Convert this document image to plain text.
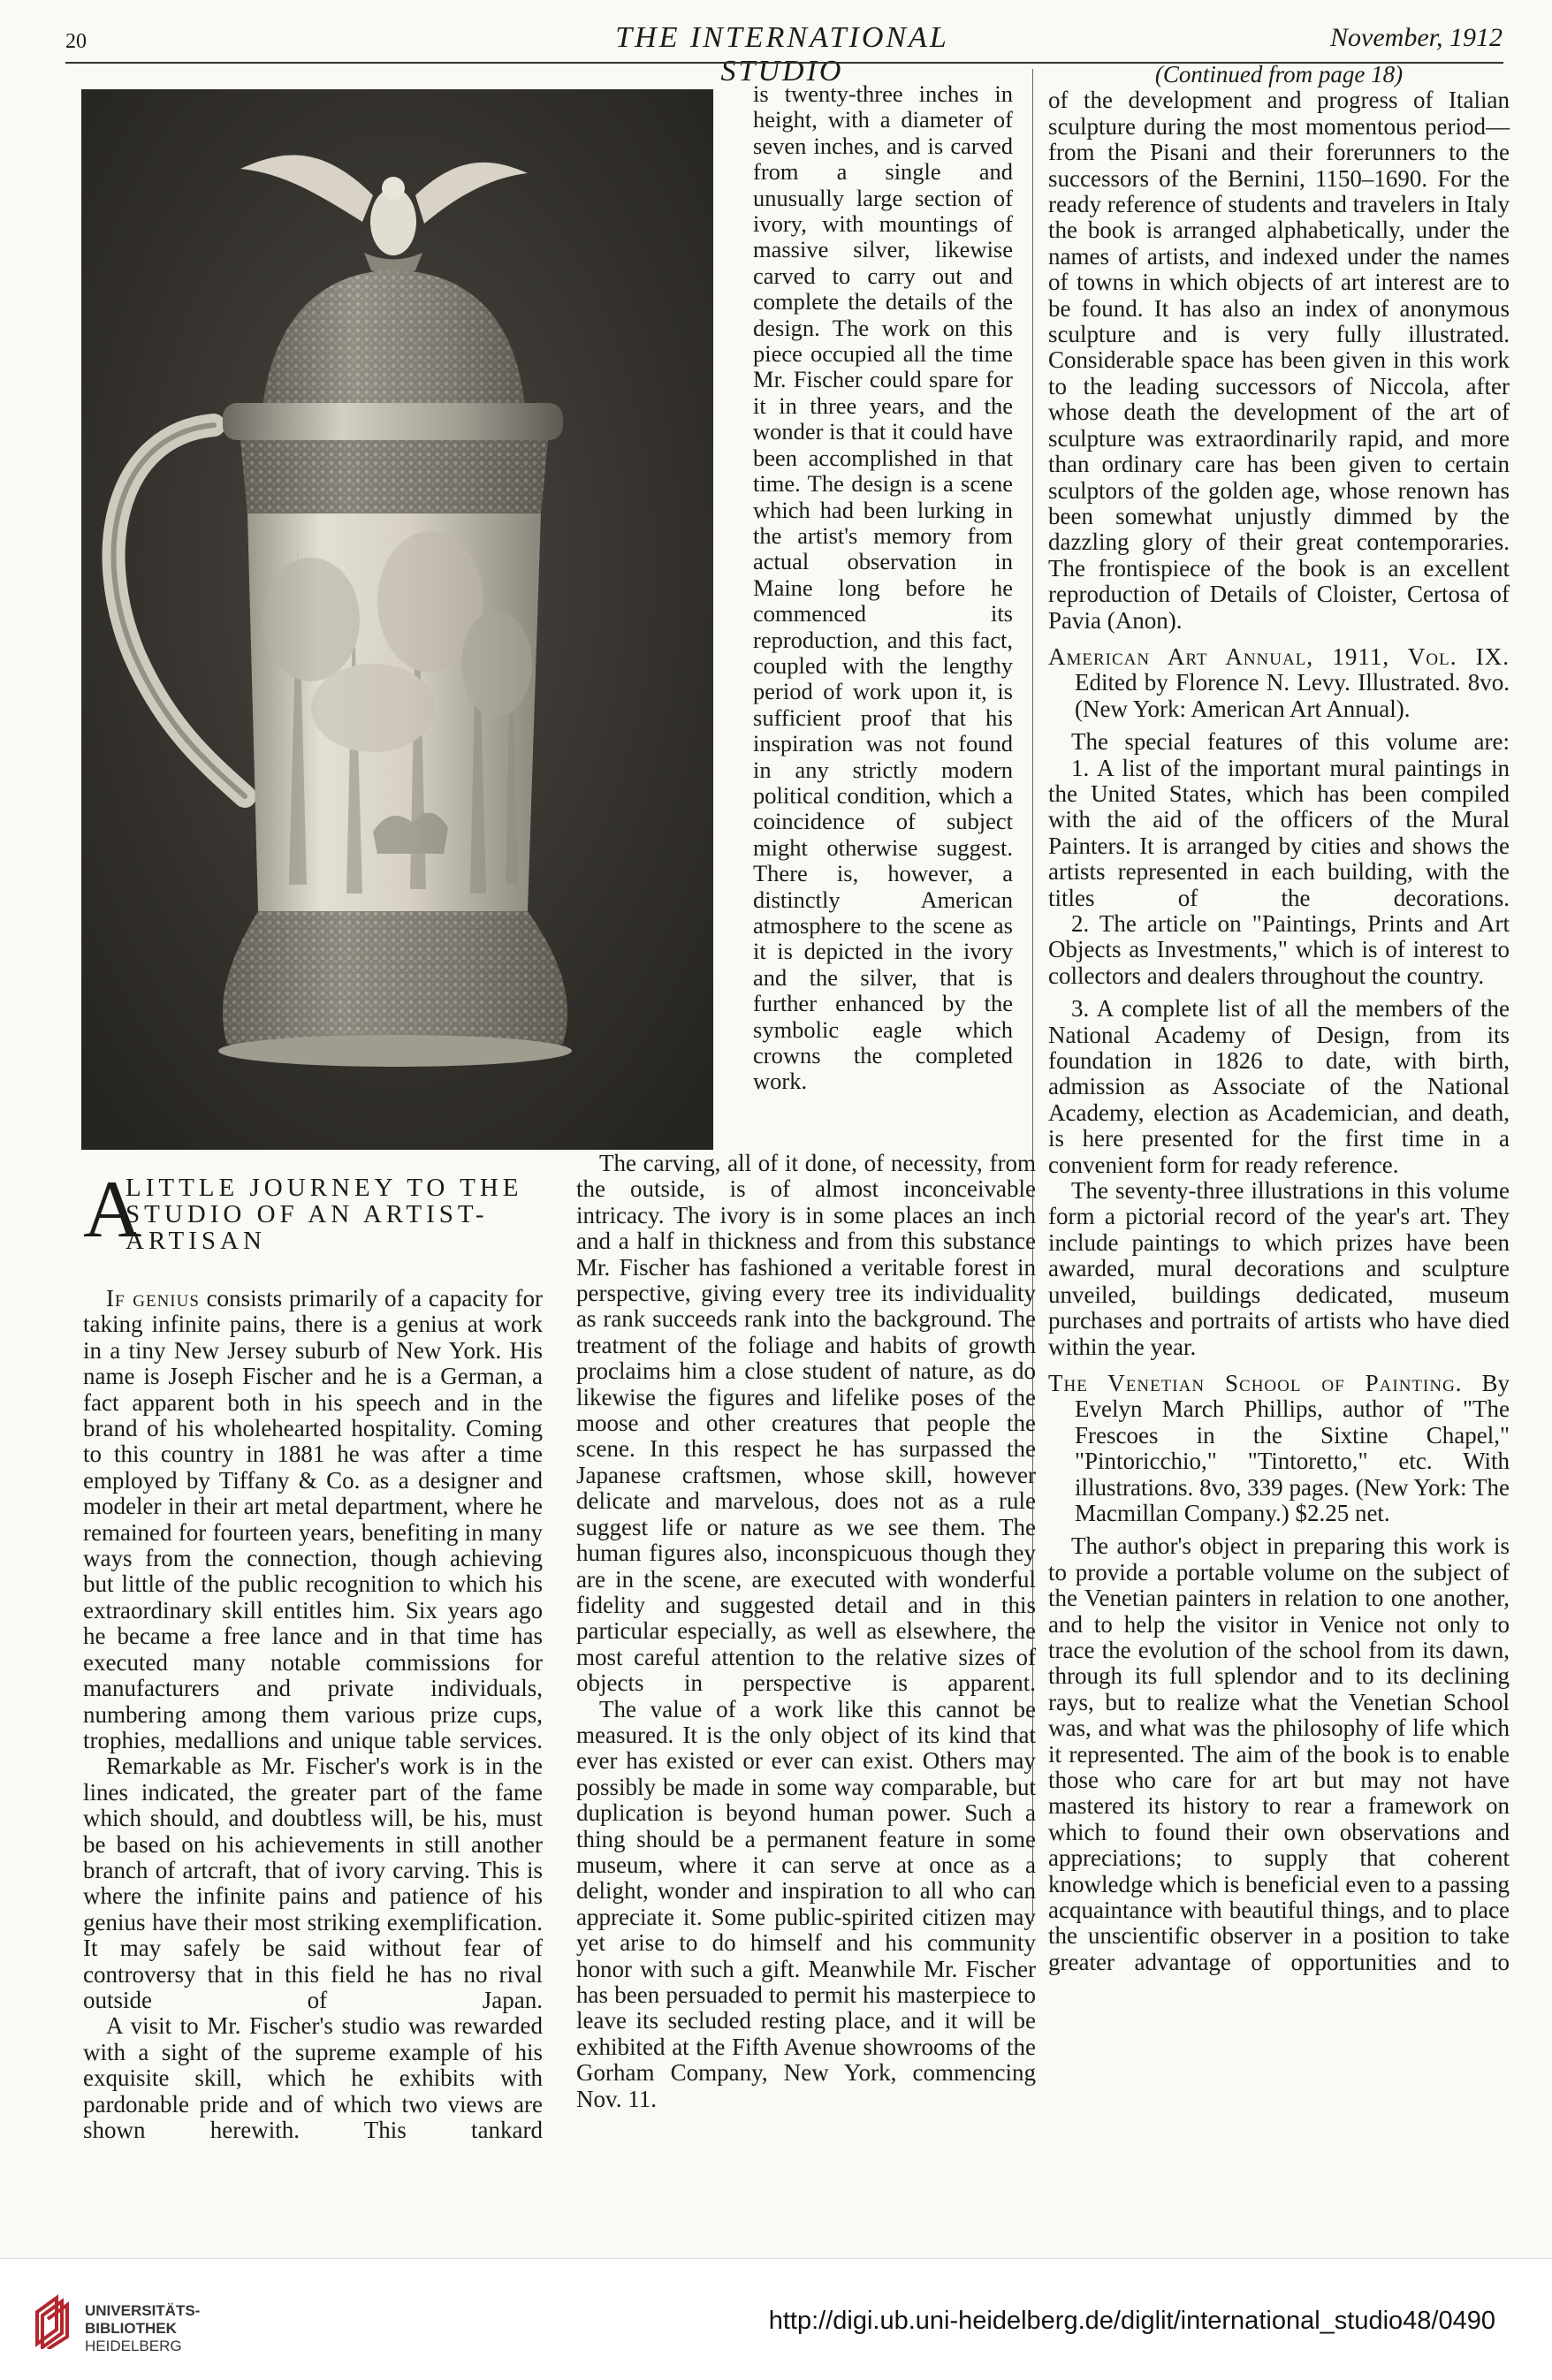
20	THE INTERNATIONAL STUDIO
November, 1912

is twenty-three inches in height, with a diameter of seven inches, and is carved from a single and unusually large section of ivory, with mountings of massive silver, likewise carved to carry out and complete the details of the design. The work on this piece occupied all the time Mr. Fischer could spare for it in three years, and the wonder is that it could have been accomplished in that time. The design is a scene which had been lurking in the artist's memory from actual observation in Maine long before he commenced its reproduction, and this fact, coupled with the lengthy period of work upon it, is sufficient proof that his inspiration was not found in any strictly modern political condition, which a coincidence of subject might otherwise suggest. There is, however, a distinctly American atmosphere to the scene as it is depicted in the ivory and the silver, that is further enhanced by the symbolic eagle which crowns the completed work.

A
LITTLE JOURNEY TO THE
STUDIO OF AN ARTIST-
ARTISAN

If genius consists primarily of a capacity for taking infinite pains, there is a genius at work in a tiny New Jersey suburb of New York. His name is Joseph Fischer and he is a German, a fact apparent both in his speech and in the brand of his wholehearted hospitality. Coming to this country in 1881 he was after a time employed by Tiffany & Co. as a designer and modeler in their art metal department, where he remained for fourteen years, benefiting in many ways from the connection, though achieving but little of the public recognition to which his extraordinary skill entitles him. Six years ago he became a free lance and in that time has executed many notable commissions for manufacturers and private individuals, numbering among them various prize cups, trophies, medallions and unique table services.

Remarkable as Mr. Fischer's work is in the lines indicated, the greater part of the fame which should, and doubtless will, be his, must be based on his achievements in still another branch of artcraft, that of ivory carving. This is where the infinite pains and patience of his genius have their most striking exemplification. It may safely be said without fear of controversy that in this field he has no rival outside of Japan.

A visit to Mr. Fischer's studio was rewarded with a sight of the supreme example of his exquisite skill, which he exhibits with pardonable pride and of which two views are shown herewith. This tankard

The carving, all of it done, of necessity, from the outside, is of almost inconceivable intricacy. The ivory is in some places an inch and a half in thickness and from this substance Mr. Fischer has fashioned a veritable forest in perspective, giving every tree its individuality as rank succeeds rank into the background. The treatment of the foliage and habits of growth proclaims him a close student of nature, as do likewise the figures and lifelike poses of the moose and other creatures that people the scene. In this respect he has surpassed the Japanese craftsmen, whose skill, however delicate and marvelous, does not as a rule suggest life or nature as we see them. The human figures also, inconspicuous though they are in the scene, are executed with wonderful fidelity and suggested detail and in this particular especially, as well as elsewhere, the most careful attention to the relative sizes of objects in perspective is apparent.

The value of a work like this cannot be measured. It is the only object of its kind that ever has existed or ever can exist. Others may possibly be made in some way comparable, but duplication is beyond human power. Such a thing should be a permanent feature in some museum, where it can serve at once as a delight, wonder and inspiration to all who can appreciate it. Some public-spirited citizen may yet arise to do himself and his community honor with such a gift. Meanwhile Mr. Fischer has been persuaded to permit his masterpiece to leave its secluded resting place, and it will be exhibited at the Fifth Avenue showrooms of the Gorham Company, New York, commencing Nov. 11.

(Continued from page 18)

of the development and progress of Italian sculpture during the most momentous period—from the Pisani and their forerunners to the successors of the Bernini, 1150–1690. For the ready reference of students and travelers in Italy the book is arranged alphabetically, under the names of artists, and indexed under the names of towns in which objects of art interest are to be found. It has also an index of anonymous sculpture and is very fully illustrated. Considerable space has been given in this work to the leading successors of Niccola, after whose death the development of the art of sculpture was extraordinarily rapid, and more than ordinary care has been given to certain sculptors of the golden age, whose renown has been somewhat unjustly dimmed by the dazzling glory of their great contemporaries. The frontispiece of the book is an excellent reproduction of Details of Cloister, Certosa of Pavia (Anon).

American Art Annual, 1911, Vol. IX. Edited by Florence N. Levy. Illustrated. 8vo. (New York: American Art Annual).

The special features of this volume are:

1. A list of the important mural paintings in the United States, which has been compiled with the aid of the officers of the Mural Painters. It is arranged by cities and shows the artists represented in each building, with the titles of the decorations.

2. The article on "Paintings, Prints and Art Objects as Investments," which is of interest to collectors and dealers throughout the country.

3. A complete list of all the members of the National Academy of Design, from its foundation in 1826 to date, with birth, admission as Associate of the National Academy, election as Academician, and death, is here presented for the first time in a convenient form for ready reference.

The seventy-three illustrations in this volume form a pictorial record of the year's art. They include paintings to which prizes have been awarded, mural decorations and sculpture unveiled, buildings dedicated, museum purchases and portraits of artists who have died within the year.

The Venetian School of Painting. By Evelyn March Phillips, author of "The Frescoes in the Sixtine Chapel," "Pintoricchio," "Tintoretto," etc. With illustrations. 8vo, 339 pages. (New York: The Macmillan Company.) $2.25 net.

The author's object in preparing this work is to provide a portable volume on the subject of the Venetian painters in relation to one another, and to help the visitor in Venice not only to trace the evolution of the school from its dawn, through its full splendor and to its declining rays, but to realize what the Venetian School was, and what was the philosophy of life which it represented. The aim of the book is to enable those who care for art but may not have mastered its history to rear a framework on which to found their own observations and appreciations; to supply that coherent knowledge which is beneficial even to a passing acquaintance with beautiful things, and to place the unscientific observer in a position to take greater advantage of opportunities and to

UNIVERSITÄTS-
BIBLIOTHEK
HEIDELBERG
http://digi.ub.uni-heidelberg.de/diglit/international_studio48/0490
